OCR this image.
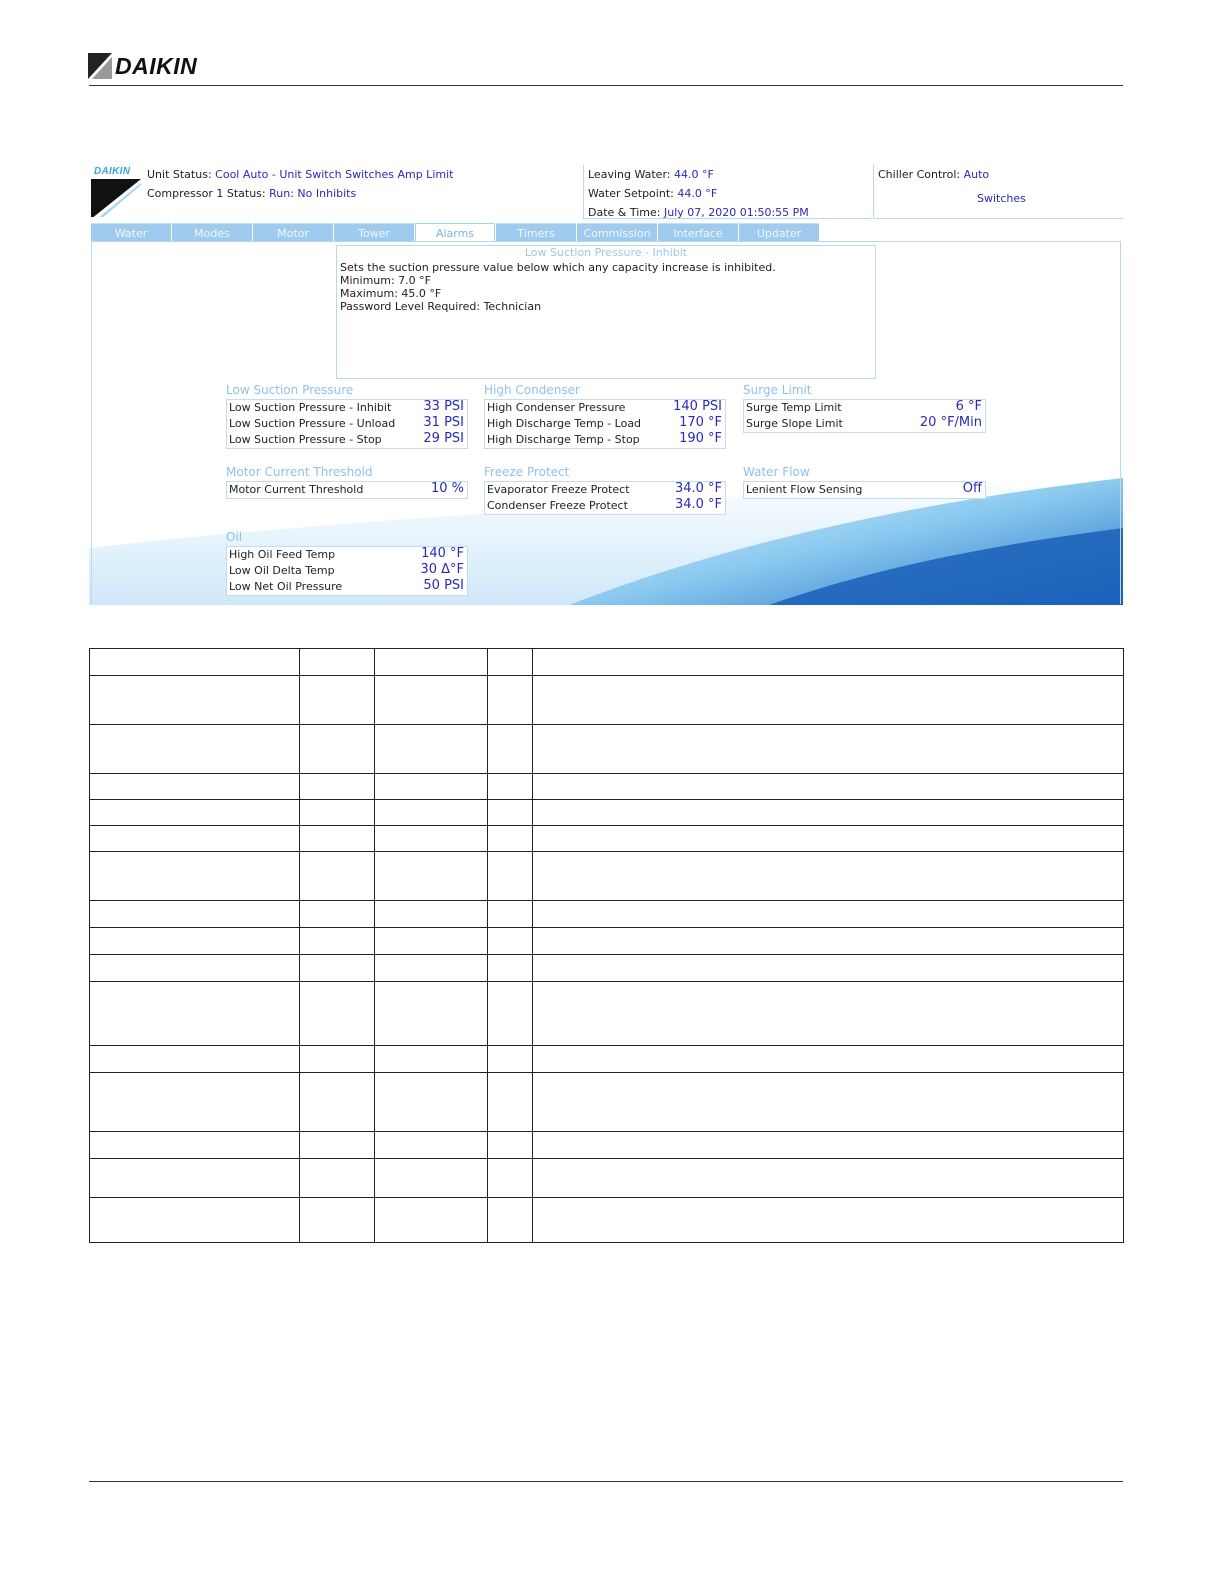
DAIKIN
DAIKIN Unit Status: Cool Auto - Unit Switch Switches Amp Limit
Compressor 1 Status: Run: No Inhibits
Leaving Water: 44.0 °F
Water Setpoint: 44.0 °F
Date & Time: July 07, 2020 01:50:55 PM
Chiller Control: Auto
Switches
Water	Modes	Motor	Tower	Alarms	Timers	Commission	Interface	Updater
Low Suction Pressure - Inhibit
Sets the suction pressure value below which any capacity increase is inhibited.
Minimum: 7.0 °F
Maximum: 45.0 °F
Password Level Required: Technician
Low Suction Pressure
Low Suction Pressure - Inhibit 33 PSI
Low Suction Pressure - Unload 31 PSI
Low Suction Pressure - Stop	29 PSI
High Condenser
High Condenser Pressure	140 PSI
High Discharge Temp - Load	170 °F
High Discharge Temp - Stop	190 °F
Surge Limit
Surge Temp Limit	6 °F
Surge Slope Limit	20 °F/Min
Motor Current Threshold
Motor Current Threshold	10 %
Freeze Protect
Evaporator Freeze Protect	34.0 °F
Condenser Freeze Protect	34.0 °F
Water Flow
Lenient Flow Sensing	Off
Oil
High Oil Feed Temp	140 °F
Low Oil Delta Temp	30 Δ°F
Low Net Oil Pressure	50 PSI
